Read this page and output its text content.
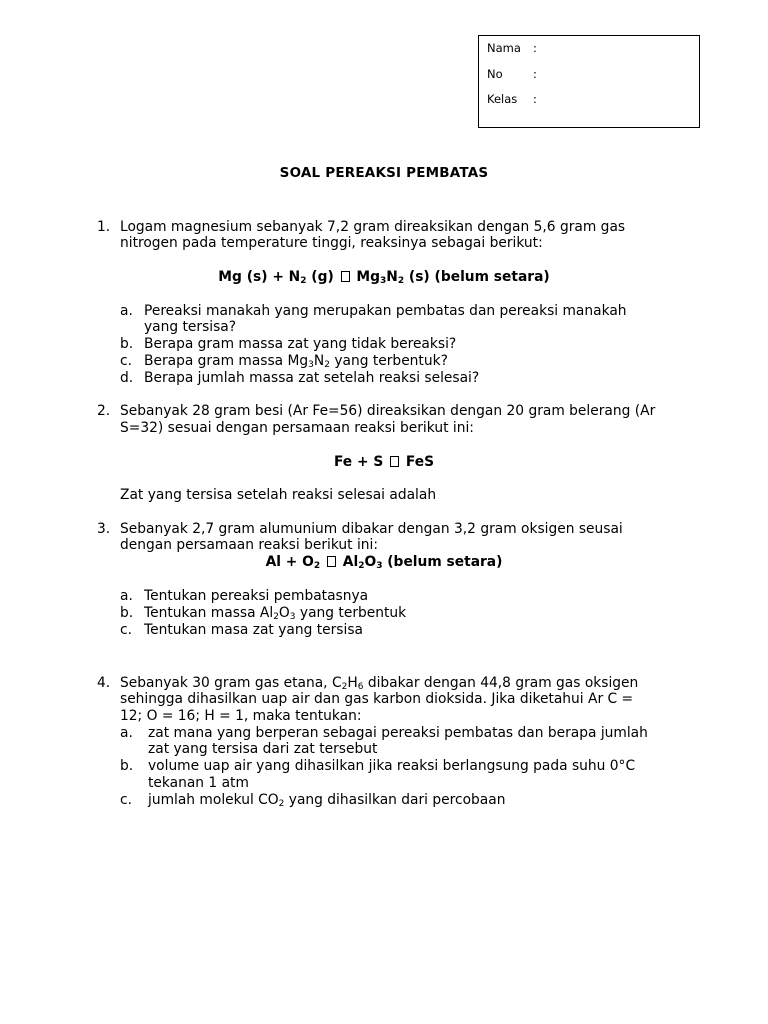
Nama :
No	:
Kelas :
SOAL PEREAKSI PEMBATAS
1. Logam magnesium sebanyak 7,2 gram direaksikan dengan 5,6 gram gas
nitrogen pada temperature tinggi, reaksinya sebagai berikut:
Mg $(s) + N_2$ (g)  $Mg_3N_2$ (s) (belum setara)
a. Pereaksi manakah yang merupakan pembatas dan pereaksi manakah
yang tersisa?
b. Berapa gram massa zat yang tidak bereaksi?
c. Berapa gram massa $Mg_3N_2$ yang terbentuk?
d. Berapa jumlah massa zat setelah reaksi selesai?
2. Sebanyak 28 gram besi (Ar Fe=56) direaksikan dengan 20 gram belerang (Ar
S=32) sesuai dengan persamaan reaksi berikut ini:
Fe + S  FeS
Zat yang tersisa setelah reaksi selesai adalah
3. Sebanyak 2,7 gram alumunium dibakar dengan 3,2 gram oksigen seusai
dengan persamaan reaksi berikut ini:
$Al + O_2$  $Al_2O_3$ (belum setara)
a. Tentukan pereaksi pembatasnya
b. Tentukan massa $Al_2O_3$ yang terbentuk
c. Tentukan masa zat yang tersisa
4. Sebanyak 30 gram gas etana, $C_2H_6$ dibakar dengan 44,8 gram gas oksigen
sehingga dihasilkan uap air dan gas karbon dioksida. Jika diketahui Ar C =
12; O = 16; H = 1, maka tentukan:
a. zat mana yang berperan sebagai pereaksi pembatas dan berapa jumlah
zat yang tersisa dari zat tersebut
b. volume uap air yang dihasilkan jika reaksi berlangsung pada suhu 0°C
tekanan 1 atm
c. jumlah molekul $CO_2$ yang dihasilkan dari percobaan
